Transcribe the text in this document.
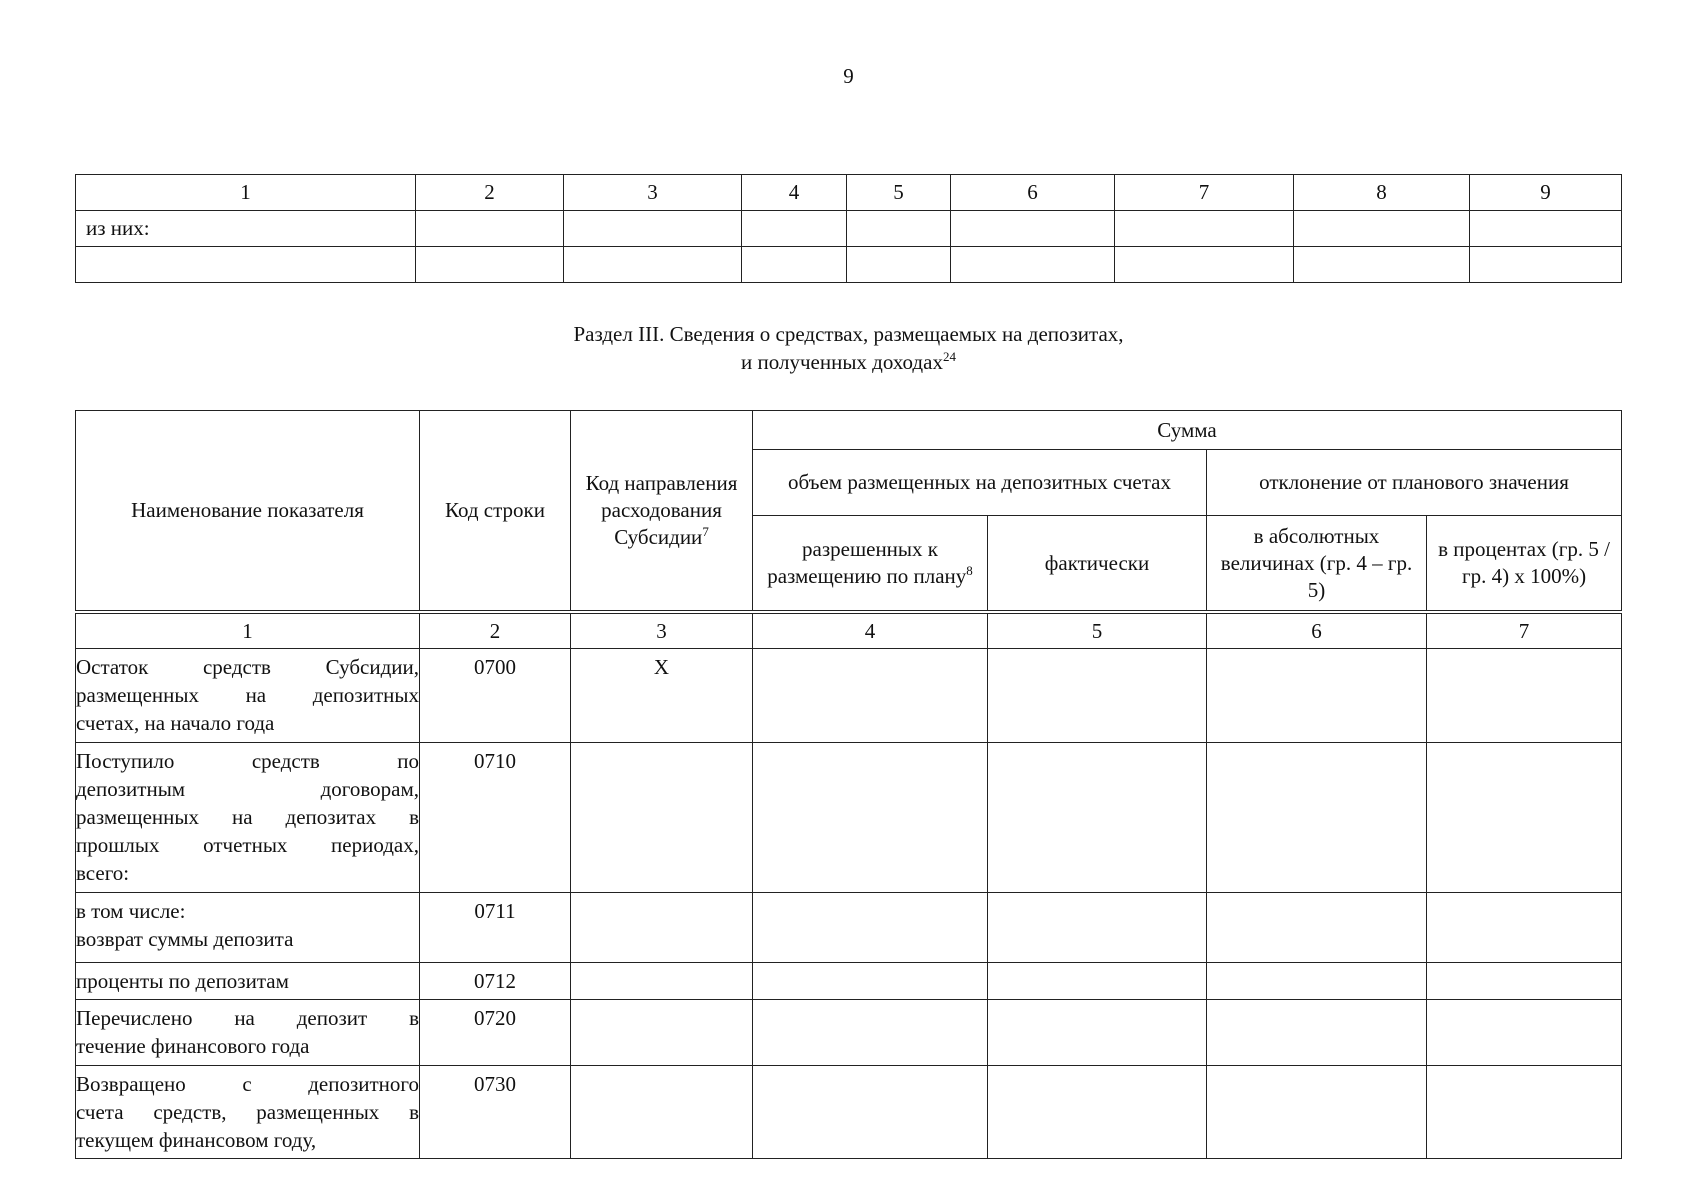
9
1	2	3	4	5	6	7	8	9
из них:								

Раздел III. Сведения о средствах, размещаемых на депозитах,
и полученных доходах$^{24}$
Наименование показателя	Код строки	Код направления расходования Субсидии$^7$	Сумма			
			объем размещенных на депозитных счетах		отклонение от планового значения	
			разрешенных к размещению по плану$^8$	фактически	в абсолютных величинах (гр. 4 – гр. 5)	в процентах (гр. 5 / гр. 4) x 100%)
1	2	3	4	5	6	7

Остаток средств Субсидии,
размещенных на депозитных
счетах, на начало года	0700	X				

Поступило средств по
депозитным договорам,
размещенных на депозитах в
прошлых отчетных периодах,
всего:	0710					

в том числе:
возврат суммы депозита	0711					

проценты по депозитам	0712					

Перечислено на депозит в
течение финансового года	0720					

Возвращено с депозитного
счета средств, размещенных в
текущем финансовом году,	0730					
